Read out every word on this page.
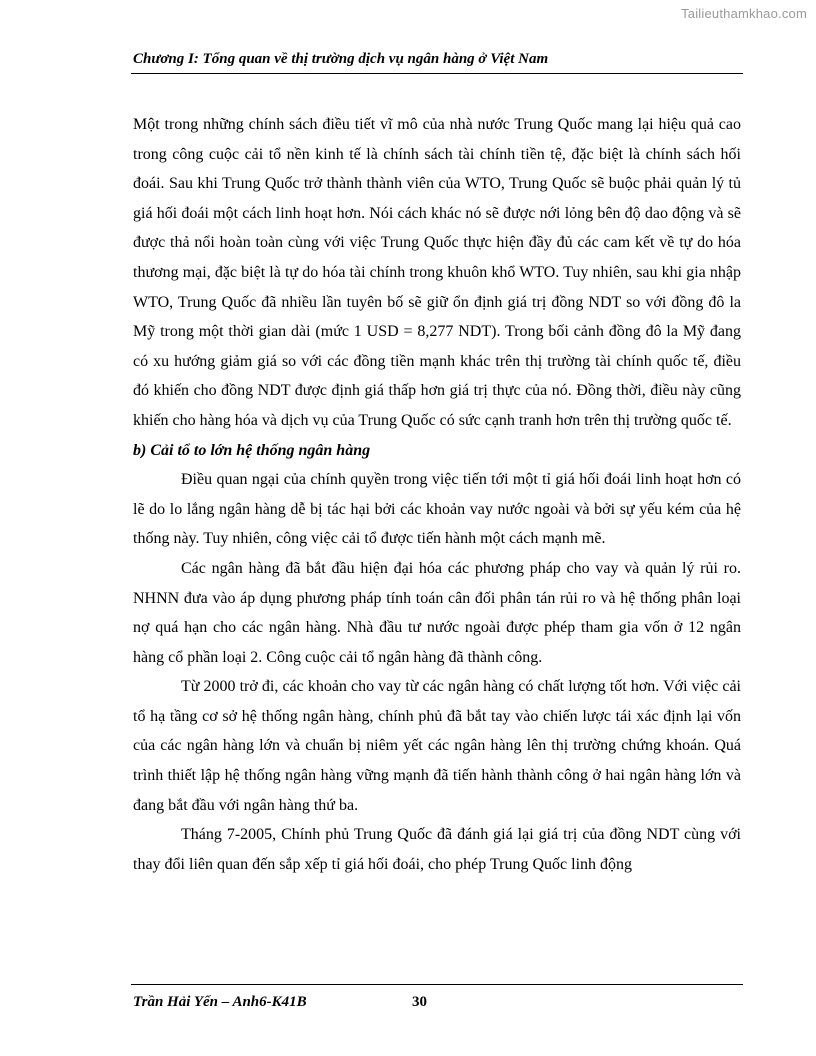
Tailieuthamkhao.com
Chương I: Tổng quan về thị trường dịch vụ ngân hàng ở Việt Nam

Một trong những chính sách điều tiết vĩ mô của nhà nước Trung Quốc mang lại hiệu quả cao trong công cuộc cải tổ nền kinh tế là chính sách tài chính tiền tệ, đặc biệt là chính sách hối đoái. Sau khi Trung Quốc trở thành thành viên của WTO, Trung Quốc sẽ buộc phải quản lý tủ giá hối đoái một cách linh hoạt hơn. Nói cách khác nó sẽ được nới lỏng bên độ dao động và sẽ được thả nổi hoàn toàn cùng với việc Trung Quốc thực hiện đầy đủ các cam kết về tự do hóa thương mại, đặc biệt là tự do hóa tài chính trong khuôn khổ WTO. Tuy nhiên, sau khi gia nhập WTO, Trung Quốc đã nhiều lần tuyên bố sẽ giữ ổn định giá trị đồng NDT so với đồng đô la Mỹ trong một thời gian dài (mức 1 USD = 8,277 NDT). Trong bối cảnh đồng đô la Mỹ đang có xu hướng giảm giá so với các đồng tiền mạnh khác trên thị trường tài chính quốc tế, điều đó khiến cho đồng NDT được định giá thấp hơn giá trị thực của nó. Đồng thời, điều này cũng khiến cho hàng hóa và dịch vụ của Trung Quốc có sức cạnh tranh hơn trên thị trường quốc tế.

b) Cải tổ to lớn hệ thống ngân hàng

Điều quan ngại của chính quyền trong việc tiến tới một tỉ giá hối đoái linh hoạt hơn có lẽ do lo lắng ngân hàng dễ bị tác hại bởi các khoản vay nước ngoài và bởi sự yếu kém của hệ thống này. Tuy nhiên, công việc cải tổ được tiến hành một cách mạnh mẽ.

Các ngân hàng đã bắt đầu hiện đại hóa các phương pháp cho vay và quản lý rủi ro. NHNN đưa vào áp dụng phương pháp tính toán cân đối phân tán rủi ro và hệ thống phân loại nợ quá hạn cho các ngân hàng. Nhà đầu tư nước ngoài được phép tham gia vốn ở 12 ngân hàng cổ phần loại 2. Công cuộc cải tổ ngân hàng đã thành công.

Từ 2000 trở đi, các khoản cho vay từ các ngân hàng có chất lượng tốt hơn. Với việc cải tổ hạ tầng cơ sở hệ thống ngân hàng, chính phủ đã bắt tay vào chiến lược tái xác định lại vốn của các ngân hàng lớn và chuẩn bị niêm yết các ngân hàng lên thị trường chứng khoán. Quá trình thiết lập hệ thống ngân hàng vững mạnh đã tiến hành thành công ở hai ngân hàng lớn và đang bắt đầu với ngân hàng thứ ba.

Tháng 7-2005, Chính phủ Trung Quốc đã đánh giá lại giá trị của đồng NDT cùng với thay đổi liên quan đến sắp xếp tỉ giá hối đoái, cho phép Trung Quốc linh động

Trần Hải Yến – Anh6-K41B	30
